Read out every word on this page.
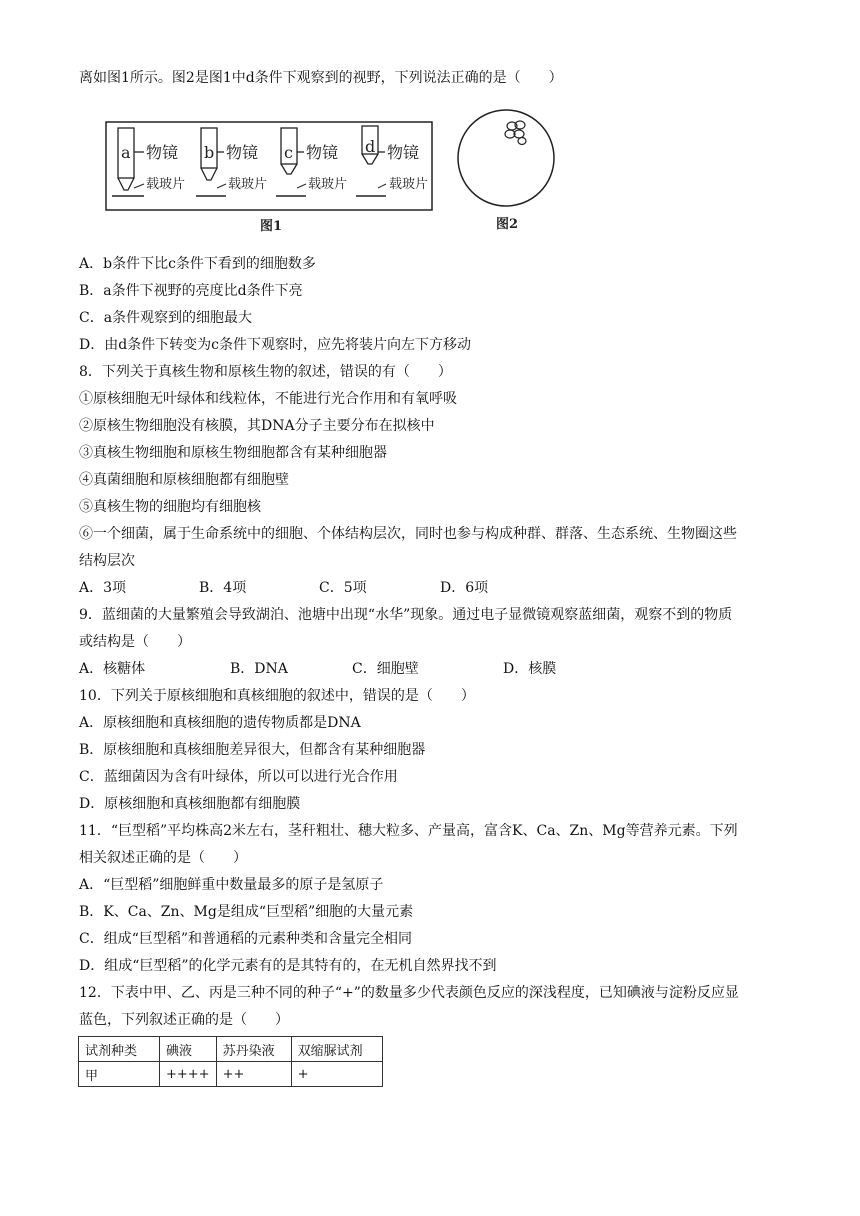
离如图1所示。图2是图1中d条件下观察到的视野，下列说法正确的是（　　）
a 物镜
载玻片
b 物镜
载玻片
c 物镜
载玻片
d 物镜
载玻片
图1	图2
A．b条件下比c条件下看到的细胞数多
B．a条件下视野的亮度比d条件下亮
C．a条件观察到的细胞最大
D．由d条件下转变为c条件下观察时，应先将装片向左下方移动
8．下列关于真核生物和原核生物的叙述，错误的有（　　）
①原核细胞无叶绿体和线粒体，不能进行光合作用和有氧呼吸
②原核生物细胞没有核膜，其DNA分子主要分布在拟核中
③真核生物细胞和原核生物细胞都含有某种细胞器
④真菌细胞和原核细胞都有细胞壁
⑤真核生物的细胞均有细胞核
⑥一个细菌，属于生命系统中的细胞、个体结构层次，同时也参与构成种群、群落、生态系统、生物圈这些
结构层次
A．3项	B．4项	C．5项	D．6项
9．蓝细菌的大量繁殖会导致湖泊、池塘中出现“水华”现象。通过电子显微镜观察蓝细菌，观察不到的物质
或结构是（　　）
A．核糖体	B．DNA	C．细胞壁	D．核膜
10．下列关于原核细胞和真核细胞的叙述中，错误的是（　　）
A．原核细胞和真核细胞的遗传物质都是DNA
B．原核细胞和真核细胞差异很大，但都含有某种细胞器
C．蓝细菌因为含有叶绿体，所以可以进行光合作用
D．原核细胞和真核细胞都有细胞膜
11．“巨型稻”平均株高2米左右，茎秆粗壮、穗大粒多、产量高，富含K、Ca、Zn、Mg等营养元素。下列
相关叙述正确的是（　　）
A．“巨型稻”细胞鲜重中数量最多的原子是氢原子
B．K、Ca、Zn、Mg是组成“巨型稻”细胞的大量元素
C．组成“巨型稻”和普通稻的元素种类和含量完全相同
D．组成“巨型稻”的化学元素有的是其特有的，在无机自然界找不到
12．下表中甲、乙、丙是三种不同的种子“+”的数量多少代表颜色反应的深浅程度，已知碘液与淀粉反应显
蓝色，下列叙述正确的是（　　）
试剂种类	碘液	苏丹染液	双缩脲试剂
甲	++++	++	+
